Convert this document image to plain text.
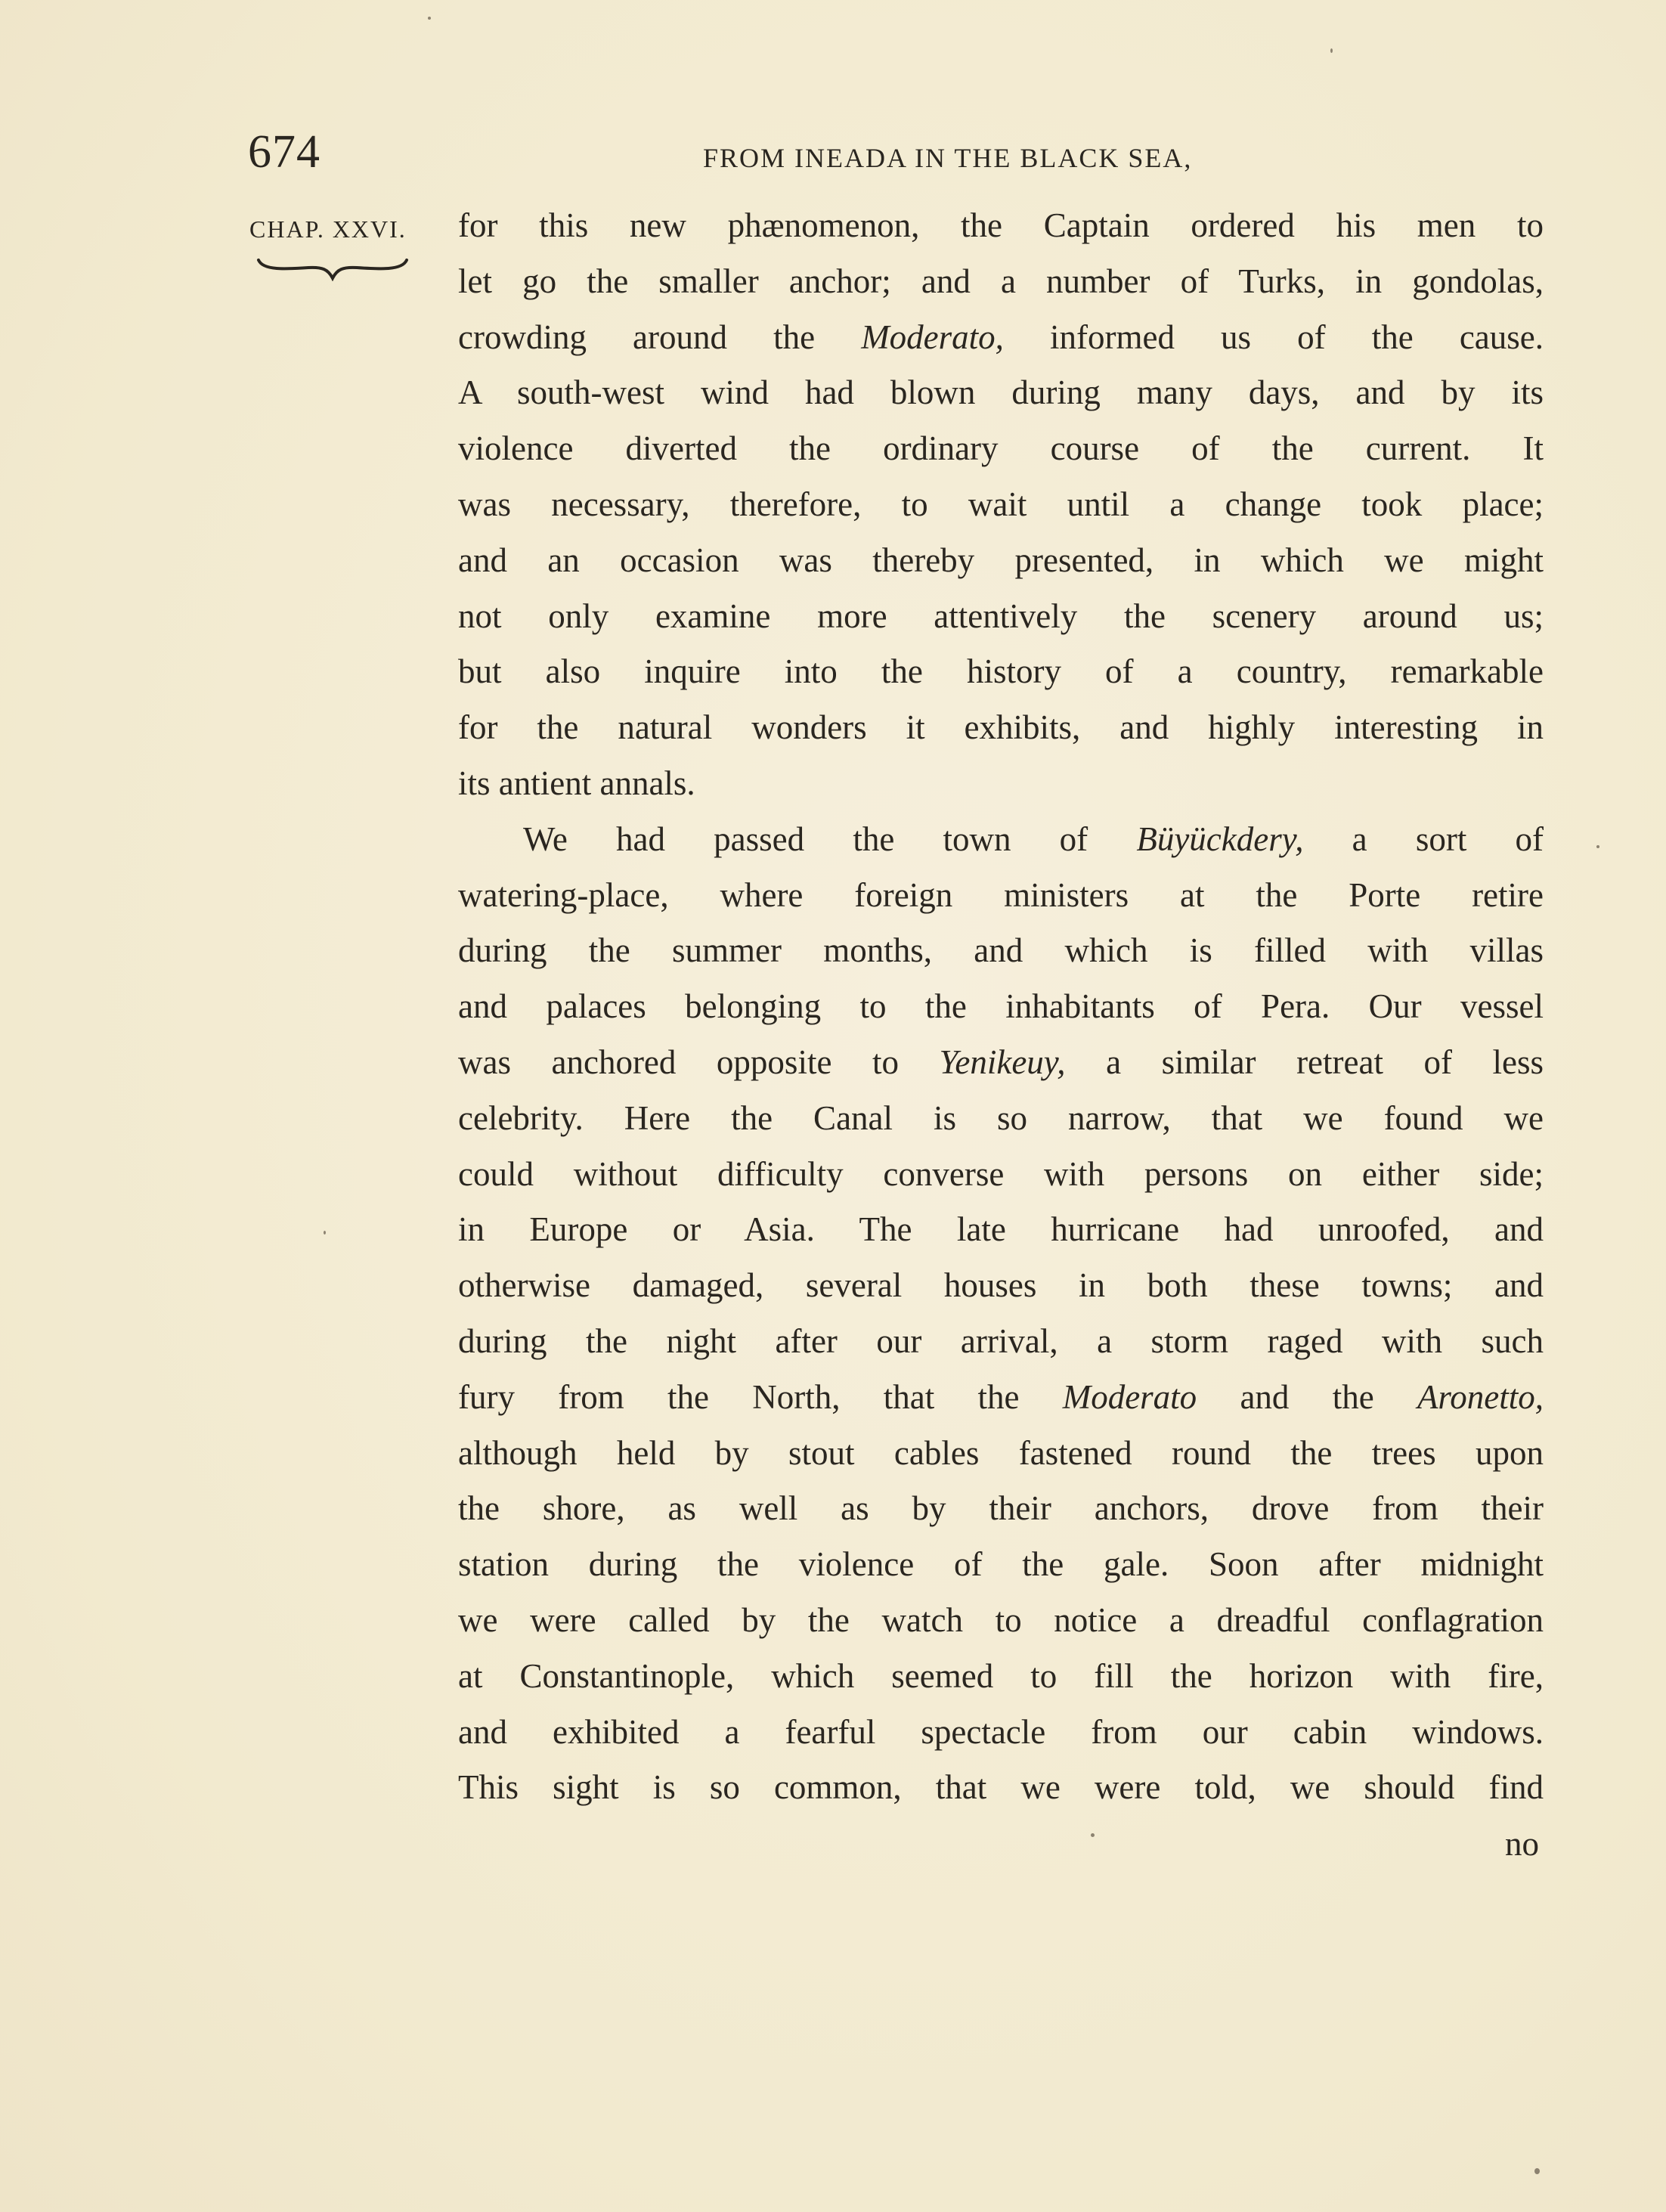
674	FROM INEADA IN THE BLACK SEA,
CHAP. XXVI. for this new phænomenon, the Captain ordered his men to
let go the smaller anchor; and a number of Turks, in gondolas,
crowding around the Moderato, informed us of the cause.
A south-west wind had blown during many days, and by its
violence diverted the ordinary course of the current. It
was necessary, therefore, to wait until a change took place;
and an occasion was thereby presented, in which we might
not only examine more attentively the scenery around us;
but also inquire into the history of a country, remarkable
for the natural wonders it exhibits, and highly interesting in
its antient annals.
We had passed the town of Büyückdery, a sort of
watering-place, where foreign ministers at the Porte retire
during the summer months, and which is filled with villas
and palaces belonging to the inhabitants of Pera. Our vessel
was anchored opposite to Yenikeuy, a similar retreat of less
celebrity. Here the Canal is so narrow, that we found we
could without difficulty converse with persons on either side;
in Europe or Asia. The late hurricane had unroofed, and
otherwise damaged, several houses in both these towns; and
during the night after our arrival, a storm raged with such
fury from the North, that the Moderato and the Aronetto,
although held by stout cables fastened round the trees upon
the shore, as well as by their anchors, drove from their
station during the violence of the gale. Soon after midnight
we were called by the watch to notice a dreadful conflagration
at Constantinople, which seemed to fill the horizon with fire,
and exhibited a fearful spectacle from our cabin windows.
This sight is so common, that we were told, we should find
no
